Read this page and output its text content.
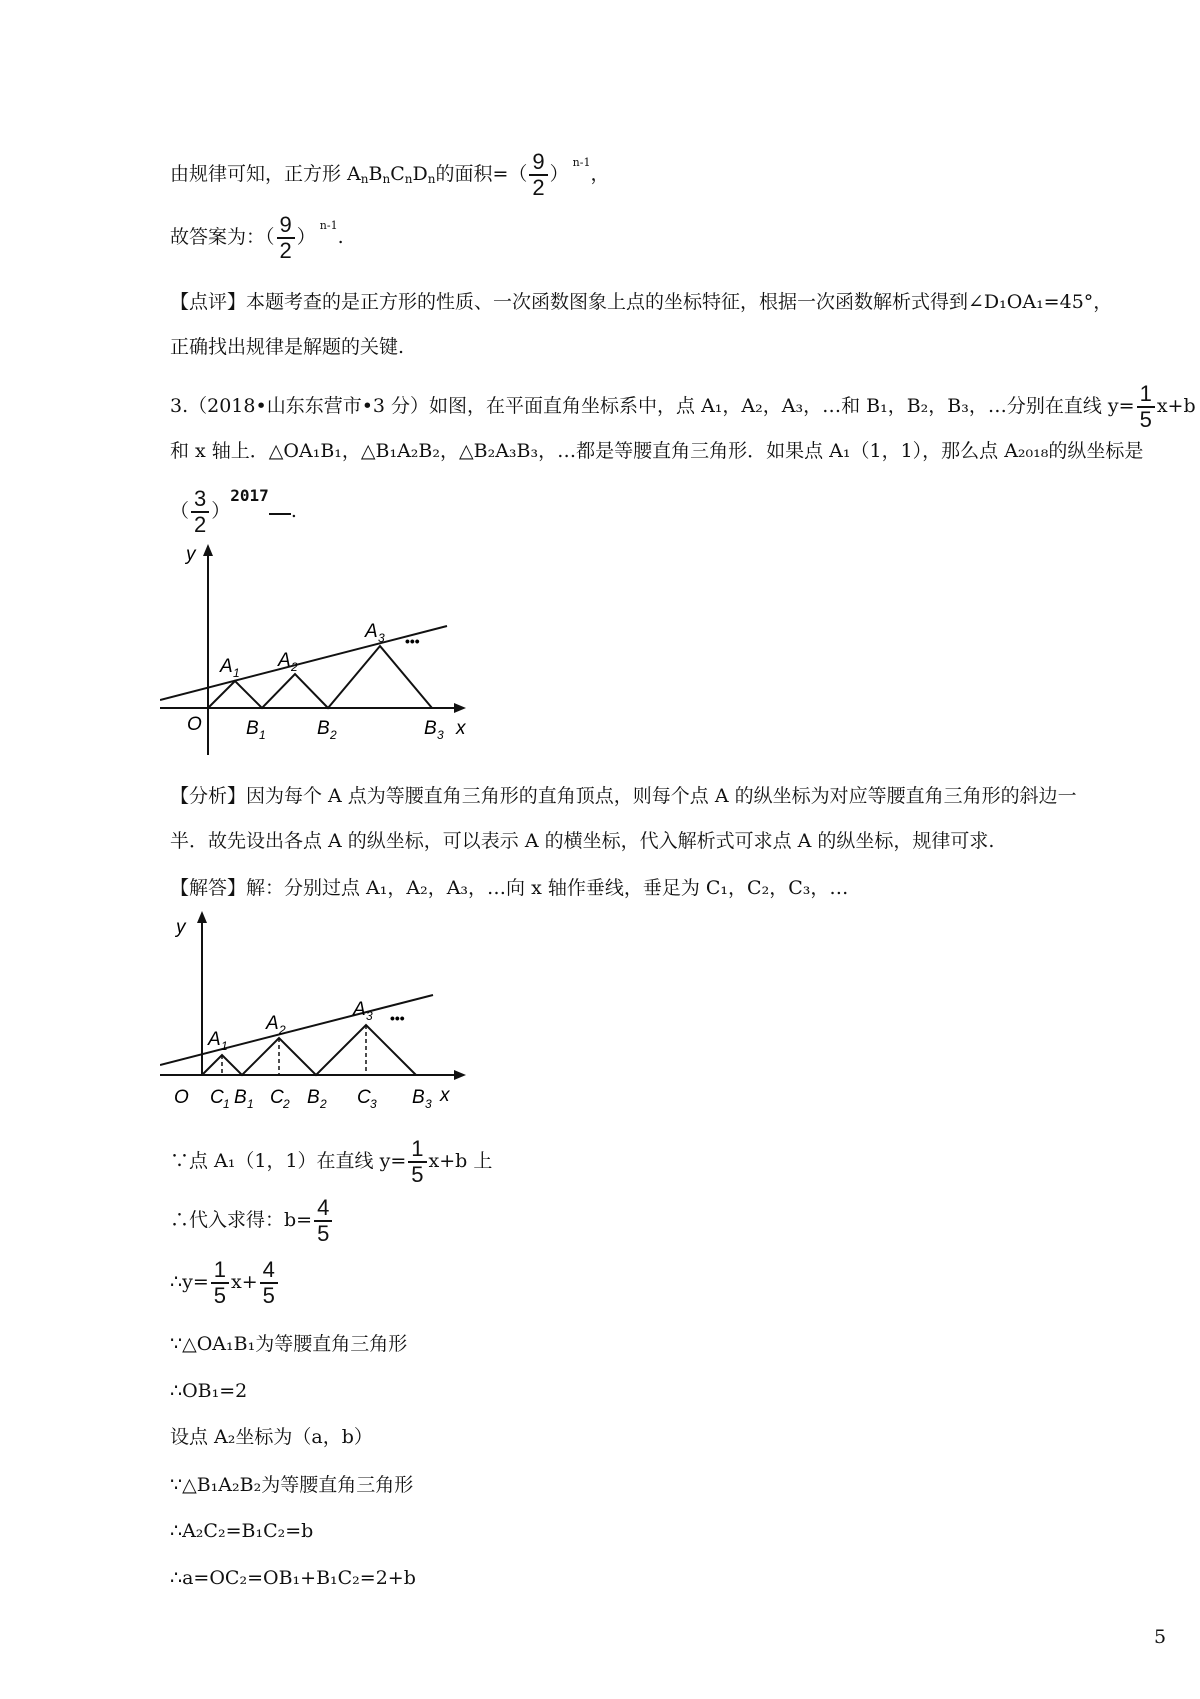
由规律可知，正方形 $A_nB_nC_nD_n$的面积=（ $\frac{9}{2} )^{n-1}$，
故答案为：（ $\frac{9}{2} )^{n-1}$.
【点评】本题考查的是正方形的性质、一次函数图象上点的坐标特征，根据一次函数解析式得到∠D₁OA₁=45°，
正确找出规律是解题的关键.
3.（2018•山东东营市•3 分）如图，在平面直角坐标系中，点 A₁，A₂，A₃，…和 B₁，B₂，B₃，…分别在直线 $y= \frac{1}{5} x+b$
和 x 轴上．△OA₁B₁，△B₁A₂B₂，△B₂A₃B₃，…都是等腰直角三角形．如果点 A₁（1，1），那么点 A₂₀₁₈的纵坐标是
（ $\frac{3}{2} )^{2017}$.
y
x
O
A 1
A 2
A 3
B 1	B 2	B 3
•••
【分析】因为每个 A 点为等腰直角三角形的直角顶点，则每个点 A 的纵坐标为对应等腰直角三角形的斜边一
半．故先设出各点 A 的纵坐标，可以表示 A 的横坐标，代入解析式可求点 A 的纵坐标，规律可求.
【解答】解：分别过点 A₁，A₂，A₃，…向 x 轴作垂线，垂足为 C₁，C₂，C₃，…
y
x
O
A 1
A 2
A 3
C 1 B 1 C 2 B 2 C 3 B 3
•••
∵点 A₁（1，1）在直线 $y= \frac{1}{5} x+b$ 上
∴代入求得：$b= \frac{4}{5}$
∴y= $\frac{1}{5} x+ \frac{4}{5}$
∵△OA₁B₁为等腰直角三角形
∴OB₁=2
设点 A₂坐标为（a，b）
∵△B₁A₂B₂为等腰直角三角形
∴A₂C₂=B₁C₂=b
∴a=OC₂=OB₁+B₁C₂=2+b
5
